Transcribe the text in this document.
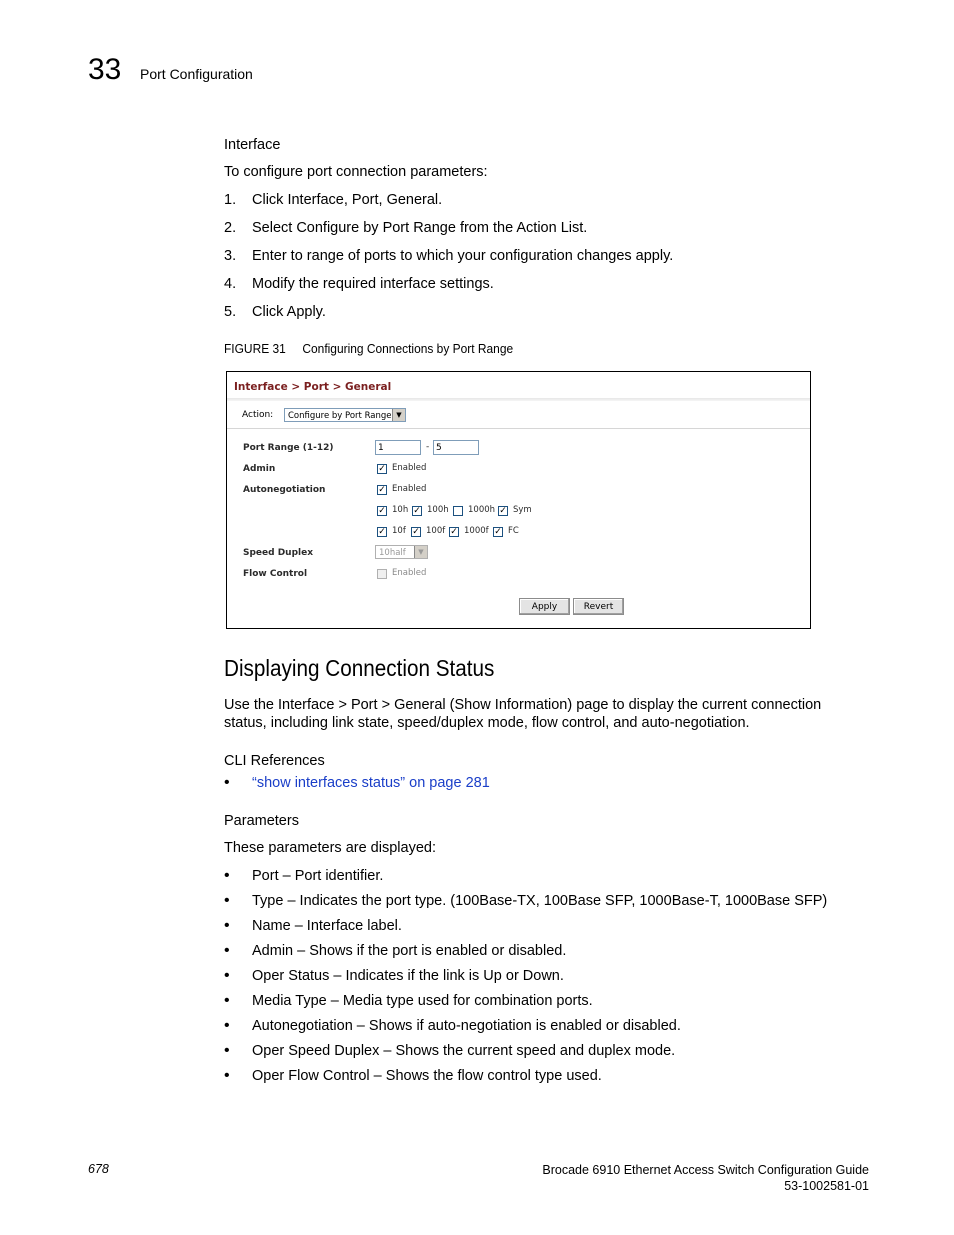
33 Port Configuration
Interface
To configure port connection parameters:
1. Click Interface, Port, General.
2. Select Configure by Port Range from the Action List.
3. Enter to range of ports to which your configuration changes apply.
4. Modify the required interface settings.
5. Click Apply.
FIGURE 31 Configuring Connections by Port Range
Interface > Port > General
Action:	Configure by Port Range ▼
Port Range (1-12)	1	- 5
Admin	✓ Enabled
Autonegotiation	✓ Enabled
✓ 10h ✓ 100h 1000h ✓ Sym
✓ 10f ✓ 100f ✓ 1000f ✓ FC
Speed Duplex	10half	▼
Flow Control	Enabled
Apply	Revert
Displaying Connection Status
Use the Interface > Port > General (Show Information) page to display the current connection
status, including link state, speed/duplex mode, flow control, and auto-negotiation.
CLI References
• “show interfaces status” on page 281
Parameters
These parameters are displayed:
• Port – Port identifier.
• Type – Indicates the port type. (100Base-TX, 100Base SFP, 1000Base-T, 1000Base SFP)
• Name – Interface label.
• Admin – Shows if the port is enabled or disabled.
• Oper Status – Indicates if the link is Up or Down.
• Media Type – Media type used for combination ports.
• Autonegotiation – Shows if auto-negotiation is enabled or disabled.
• Oper Speed Duplex – Shows the current speed and duplex mode.
• Oper Flow Control – Shows the flow control type used.
678	Brocade 6910 Ethernet Access Switch Configuration Guide
53-1002581-01
